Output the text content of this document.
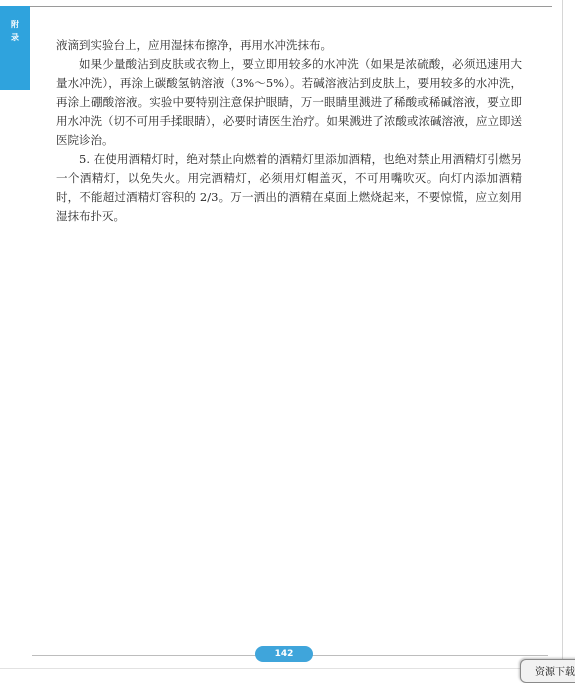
附录	液滴到实验台上，应用湿抹布擦净，再用水冲洗抹布。

如果少量酸沾到皮肤或衣物上，要立即用较多的水冲洗（如果是浓硫酸，必须迅速用大量水冲洗），再涂上碳酸氢钠溶液（3%～5%）。若碱溶液沾到皮肤上，要用较多的水冲洗，再涂上硼酸溶液。实验中要特别注意保护眼睛，万一眼睛里溅进了稀酸或稀碱溶液，要立即用水冲洗（切不可用手揉眼睛），必要时请医生治疗。如果溅进了浓酸或浓碱溶液，应立即送医院诊治。

5. 在使用酒精灯时，绝对禁止向燃着的酒精灯里添加酒精，也绝对禁止用酒精灯引燃另一个酒精灯，以免失火。用完酒精灯，必须用灯帽盖灭，不可用嘴吹灭。向灯内添加酒精时，不能超过酒精灯容积的 2/3。万一洒出的酒精在桌面上燃烧起来，不要惊慌，应立刻用湿抹布扑灭。

142
资源下载
